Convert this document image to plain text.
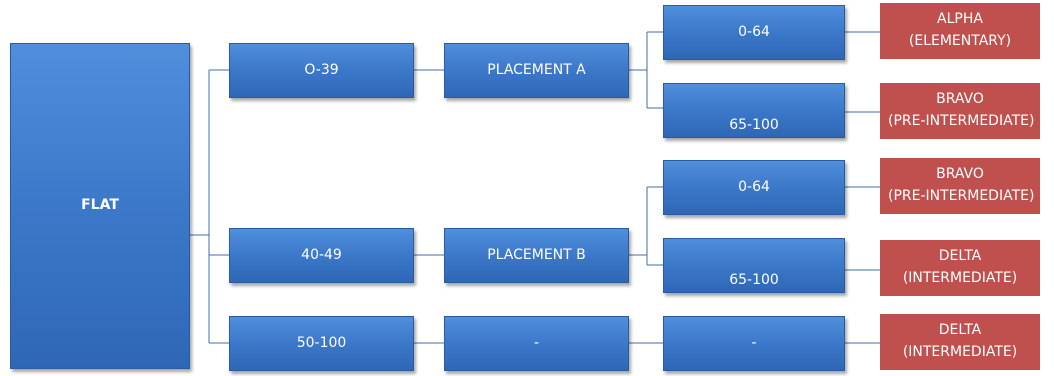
FLAT
O-39
40-49
50-100
PLACEMENT A
PLACEMENT B
-
0-64
65-100
0-64
65-100
-
ALPHA
(ELEMENTARY)
BRAVO
(PRE-INTERMEDIATE)
BRAVO
(PRE-INTERMEDIATE)
DELTA
(INTERMEDIATE)
DELTA
(INTERMEDIATE)
